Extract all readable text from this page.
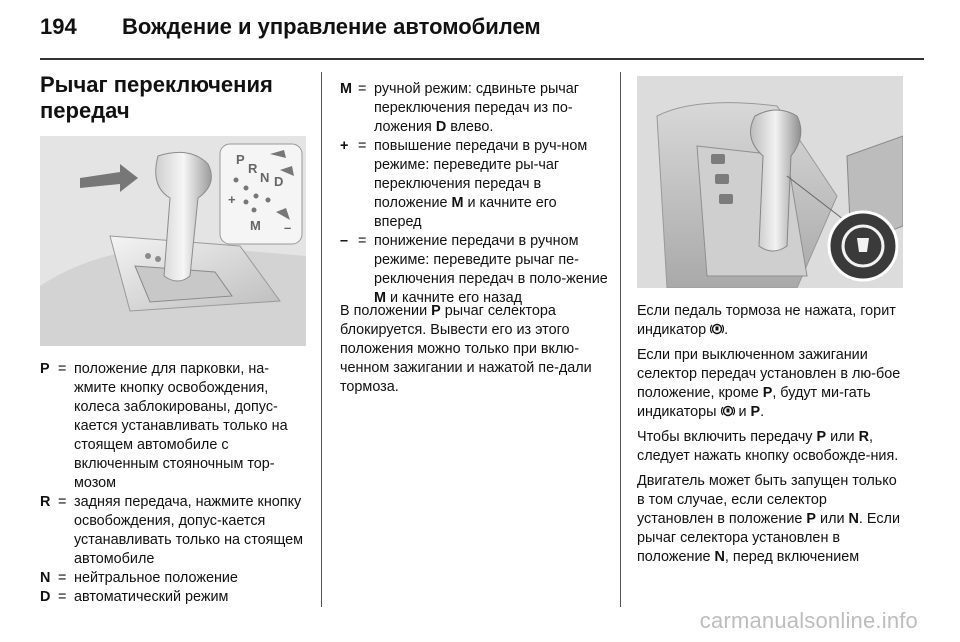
194 Вождение и управление автомобилем
Рычаг переключения передач
P
R
N D
+
M –
P = положение для парковки, на-жмите кнопку освобождения, колеса заблокированы, допус-кается устанавливать только на стоящем автомобиле с включенным стояночным тор-мозом
R = задняя передача, нажмите кнопку освобождения, допус-кается устанавливать только на стоящем автомобиле
N = нейтральное положение
D = автоматический режим
M = ручной режим: сдвиньте рычаг переключения передач из по-ложения D влево.
+ = повышение передачи в руч-ном режиме: переведите ры-чаг переключения передач в положение M и качните его вперед
– = понижение передачи в ручном режиме: переведите рычаг пе-реключения передач в поло-жение M и качните его назад
В положении P рычаг селектора блокируется. Вывести его из этого положения можно только при вклю-ченном зажигании и нажатой пе-дали тормоза.
Если педаль тормоза не нажата, горит индикатор .
Если при выключенном зажигании селектор передач установлен в лю-бое положение, кроме P, будут ми-гать индикаторы  и P.
Чтобы включить передачу P или R, следует нажать кнопку освобожде-ния.
Двигатель может быть запущен только в том случае, если селектор установлен в положение P или N. Если рычаг селектора установлен в положение N, перед включением
carmanualsonline.info
